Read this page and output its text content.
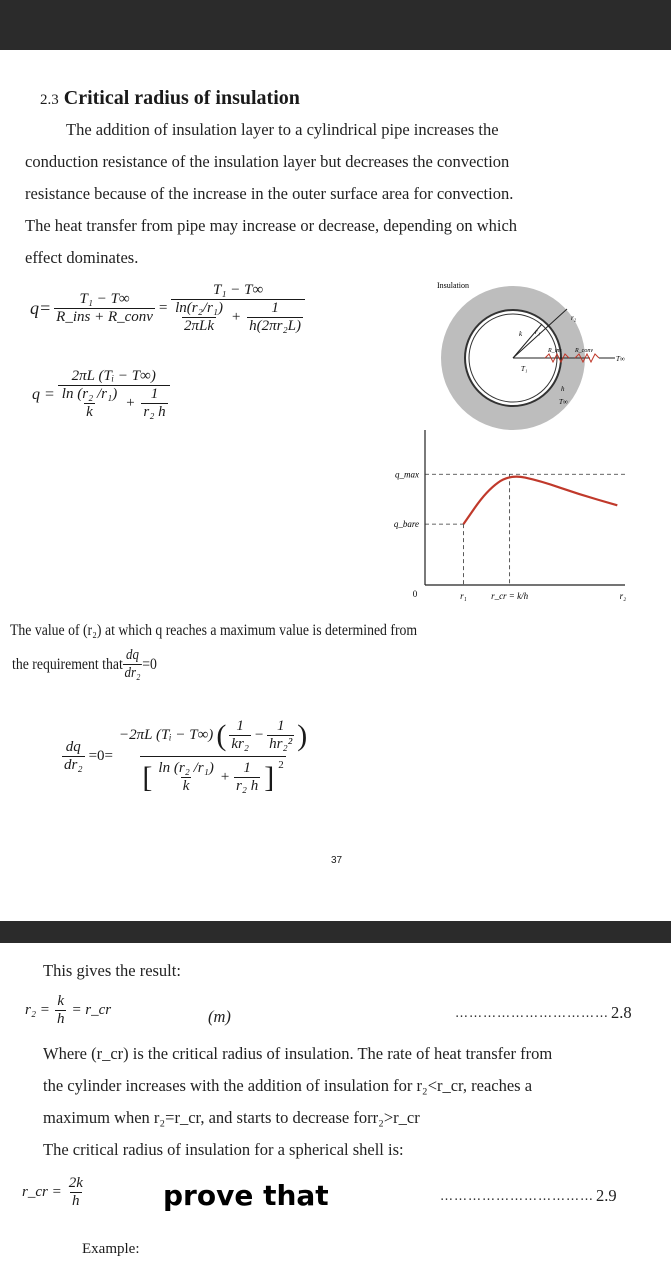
2.3 Critical radius of insulation
The addition of insulation layer to a cylindrical pipe increases the
conduction resistance of the insulation layer but decreases the convection
resistance because of the increase in the outer surface area for convection.
The heat transfer from pipe may increase or decrease, depending on which
effect dominates.
$q= \frac{\text{T₁ − T∞}}{\text{R\_ins + R\_conv}} = \frac{\text{T₁ − T∞}}{\frac{\text{ln(r₂/r₁)}}{\text{2πLk}} + \frac{1}{\text{h(2πr₂L)}}}$
$q = \frac{\text{2πL (Tᵢ − T∞)}}{\frac{\text{ln (r₂ /r₁)}}{k} + \frac{1}{\text{r₂ h}}}$
Insulation
k r₁
r₂
T₁
R_ins R_conv
T∞
h
T∞
q_max
q_bare
0	r₁	r_cr = k/h	r₂
The value of (r₂) at which q reaches a maximum value is determined from
the requirement that $\frac{dq}{\text{dr₂}} =0$
$\frac{dq}{\text{dr₂}} =0=$
−2πL (Tᵢ − T∞) ( $\frac{1}{\text{kr₂}} - \frac{1}{\text{hr₂²}}$ )
[ $\frac{\text{ln (r₂ /r₁)}}{k} + \frac{1}{\text{r₂ h}}$ ] $^2$
37
This gives the result:
$r_2 = \frac{k}{h}$ = r_cr	(m)	…………………………… 2.8
Where (r_cr) is the critical radius of insulation. The rate of heat transfer from
the cylinder increases with the addition of insulation for r₂<r_cr, reaches a
maximum when r₂=r_cr, and starts to decrease forr₂>r_cr
The critical radius of insulation for a spherical shell is:
r_cr = $\frac{2k}{h}$	prove that	…………………………… 2.9
Example:
